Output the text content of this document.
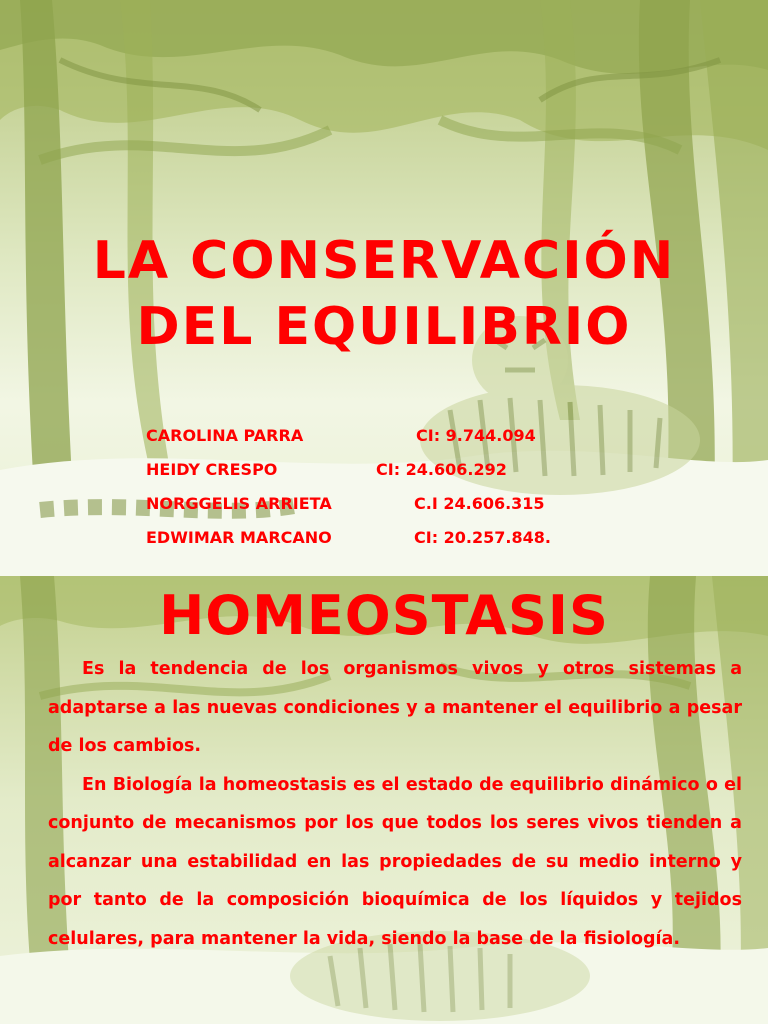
LA CONSERVACIÓN
DEL EQUILIBRIO
CAROLINA PARRA	CI: 9.744.094
HEIDY CRESPO	CI: 24.606.292
NORGGELIS ARRIETA	C.I 24.606.315
EDWIMAR MARCANO	CI: 20.257.848.
HOMEOSTASIS

Es la tendencia de los organismos vivos y otros sistemas a adaptarse a las nuevas condiciones y a mantener el equilibrio a pesar de los cambios.

En Biología la homeostasis es el estado de equilibrio dinámico o el conjunto de mecanismos por los que todos los seres vivos tienden a alcanzar una estabilidad en las propiedades de su medio interno y por tanto de la composición bioquímica de los líquidos y tejidos celulares, para mantener la vida, siendo la base de la fisiología.
